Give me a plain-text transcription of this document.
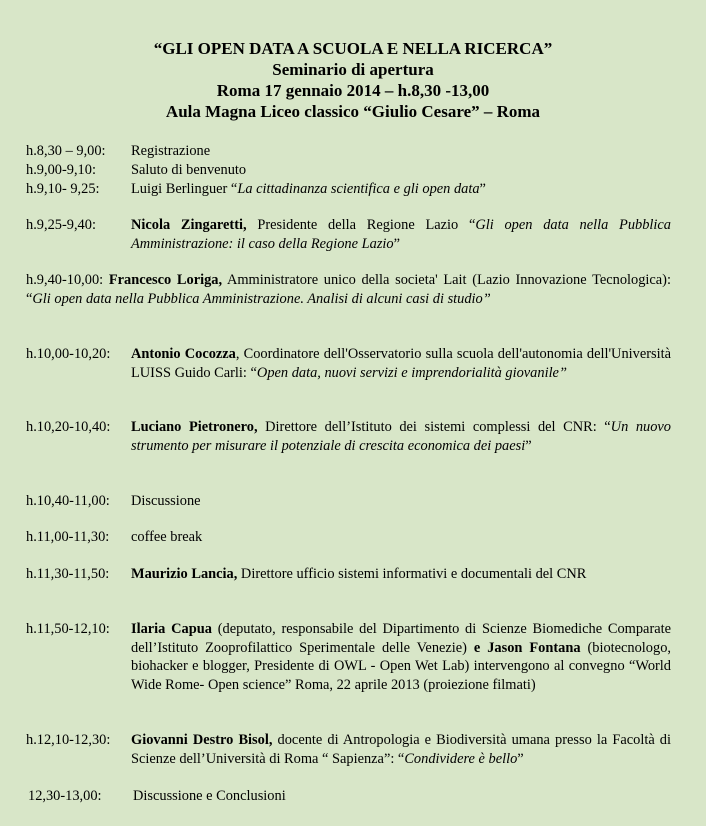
“GLI OPEN DATA A SCUOLA E NELLA RICERCA”
Seminario di apertura
Roma 17 gennaio 2014 – h.8,30 -13,00
Aula Magna Liceo classico “Giulio Cesare” – Roma
h.8,30 – 9,00:	Registrazione
h.9,00-9,10:	Saluto di benvenuto
h.9,10- 9,25:	Luigi Berlinguer “La cittadinanza scientifica e gli open data”
h.9,25-9,40: Nicola Zingaretti, Presidente della Regione Lazio “Gli open data nella Pubblica Amministrazione: il caso della Regione Lazio”
h.9,40-10,00: Francesco Loriga, Amministratore unico della societa' Lait (Lazio Innovazione Tecnologica): “Gli open data nella Pubblica Amministrazione. Analisi di alcuni casi di studio”
h.10,00-10,20: Antonio Cocozza, Coordinatore dell'Osservatorio sulla scuola dell'autonomia dell'Università LUISS Guido Carli: “Open data, nuovi servizi e imprendorialità giovanile”
h.10,20-10,40: Luciano Pietronero, Direttore dell’Istituto dei sistemi complessi del CNR: “Un nuovo strumento per misurare il potenziale di crescita economica dei paesi”
h.10,40-11,00:	Discussione
h.11,00-11,30:	coffee break
h.11,30-11,50:	Maurizio Lancia, Direttore ufficio sistemi informativi e documentali del CNR
h.11,50-12,10: Ilaria Capua (deputato, responsabile del Dipartimento di Scienze Biomediche Comparate dell’Istituto Zooprofilattico Sperimentale delle Venezie) e Jason Fontana (biotecnologo, biohacker e blogger, Presidente di OWL - Open Wet Lab) intervengono al convegno “World Wide Rome- Open science” Roma, 22 aprile 2013 (proiezione filmati)
h.12,10-12,30: Giovanni Destro Bisol, docente di Antropologia e Biodiversità umana presso la Facoltà di Scienze dell’Università di Roma “ Sapienza”: “Condividere è bello”
12,30-13,00:	Discussione e Conclusioni
